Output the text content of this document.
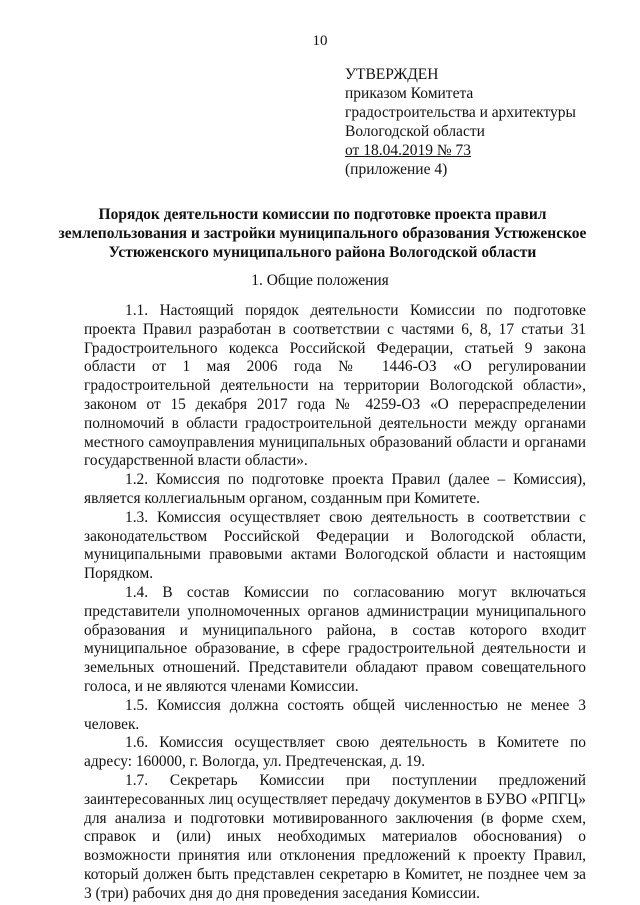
10
УТВЕРЖДЕН
приказом Комитета
градостроительства и архитектуры
Вологодской области
от 18.04.2019 № 73
(приложение 4)
Порядок деятельности комиссии по подготовке проекта правил
землепользования и застройки муниципального образования Устюженское
Устюженского муниципального района Вологодской области
1. Общие положения

1.1. Настоящий порядок деятельности Комиссии по подготовке проекта Правил разработан в соответствии с частями 6, 8, 17 статьи 31 Градостроительного кодекса Российской Федерации, статьей 9 закона области от 1 мая 2006 года № 1446-ОЗ «О регулировании градостроительной деятельности на территории Вологодской области», законом от 15 декабря 2017 года № 4259-ОЗ «О перераспределении полномочий в области градостроительной деятельности между органами местного самоуправления муниципальных образований области и органами государственной власти области».

1.2. Комиссия по подготовке проекта Правил (далее – Комиссия), является коллегиальным органом, созданным при Комитете.

1.3. Комиссия осуществляет свою деятельность в соответствии с законодательством Российской Федерации и Вологодской области, муниципальными правовыми актами Вологодской области и настоящим Порядком.

1.4. В состав Комиссии по согласованию могут включаться представители уполномоченных органов администрации муниципального образования и муниципального района, в состав которого входит муниципальное образование, в сфере градостроительной деятельности и земельных отношений. Представители обладают правом совещательного голоса, и не являются членами Комиссии.

1.5. Комиссия должна состоять общей численностью не менее 3 человек.

1.6. Комиссия осуществляет свою деятельность в Комитете по адресу: 160000, г. Вологда, ул. Предтеченская, д. 19.

1.7. Секретарь Комиссии при поступлении предложений заинтересованных лиц осуществляет передачу документов в БУВО «РПГЦ» для анализа и подготовки мотивированного заключения (в форме схем, справок и (или) иных необходимых материалов обоснования) о возможности принятия или отклонения предложений к проекту Правил, который должен быть представлен секретарю в Комитет, не позднее чем за 3 (три) рабочих дня до дня проведения заседания Комиссии.
